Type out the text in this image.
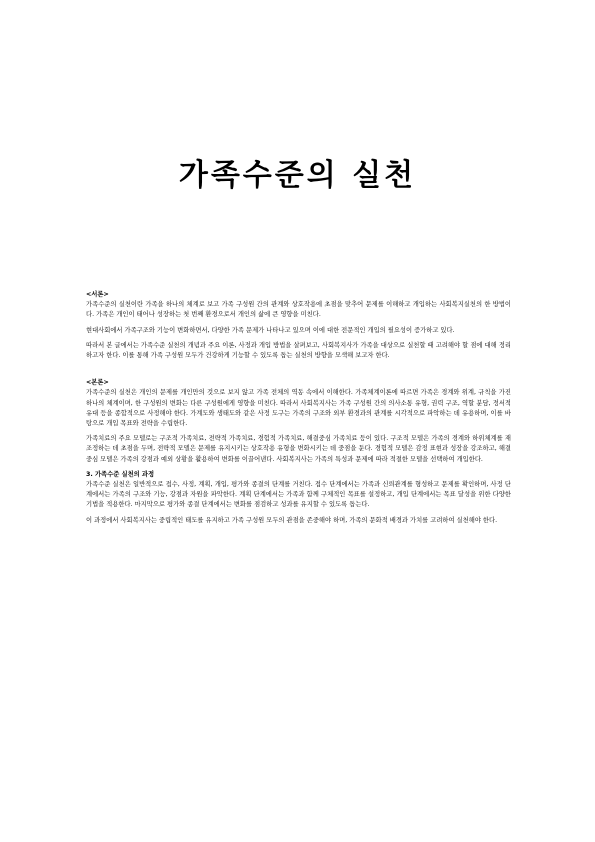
가족수준의 실천

<서론>

가족수준의 실천이란 가족을 하나의 체계로 보고 가족 구성원 간의 관계와 상호작용에 초점을 맞추어 문제를 이해하고 개입하는 사회복지실천의 한 방법이다. 가족은 개인이 태어나 성장하는 첫 번째 환경으로서 개인의 삶에 큰 영향을 미친다.

현대사회에서 가족구조와 기능이 변화하면서, 다양한 가족 문제가 나타나고 있으며 이에 대한 전문적인 개입의 필요성이 증가하고 있다.

따라서 본 글에서는 가족수준 실천의 개념과 주요 이론, 사정과 개입 방법을 살펴보고, 사회복지사가 가족을 대상으로 실천할 때 고려해야 할 점에 대해 정리하고자 한다. 이를 통해 가족 구성원 모두가 건강하게 기능할 수 있도록 돕는 실천의 방향을 모색해 보고자 한다.

<본론>

가족수준의 실천은 개인의 문제를 개인만의 것으로 보지 않고 가족 전체의 역동 속에서 이해한다. 가족체계이론에 따르면 가족은 경계와 위계, 규칙을 가진 하나의 체계이며, 한 구성원의 변화는 다른 구성원에게 영향을 미친다. 따라서 사회복지사는 가족 구성원 간의 의사소통 유형, 권력 구조, 역할 분담, 정서적 유대 등을 종합적으로 사정해야 한다. 가계도와 생태도와 같은 사정 도구는 가족의 구조와 외부 환경과의 관계를 시각적으로 파악하는 데 유용하며, 이를 바탕으로 개입 목표와 전략을 수립한다.

가족치료의 주요 모델로는 구조적 가족치료, 전략적 가족치료, 경험적 가족치료, 해결중심 가족치료 등이 있다. 구조적 모델은 가족의 경계와 하위체계를 재조정하는 데 초점을 두며, 전략적 모델은 문제를 유지시키는 상호작용 유형을 변화시키는 데 중점을 둔다. 경험적 모델은 감정 표현과 성장을 강조하고, 해결중심 모델은 가족의 강점과 예외 상황을 활용하여 변화를 이끌어낸다. 사회복지사는 가족의 특성과 문제에 따라 적절한 모델을 선택하여 개입한다.

3. 가족수준 실천의 과정

가족수준 실천은 일반적으로 접수, 사정, 계획, 개입, 평가와 종결의 단계를 거친다. 접수 단계에서는 가족과 신뢰관계를 형성하고 문제를 확인하며, 사정 단계에서는 가족의 구조와 기능, 강점과 자원을 파악한다. 계획 단계에서는 가족과 함께 구체적인 목표를 설정하고, 개입 단계에서는 목표 달성을 위한 다양한 기법을 적용한다. 마지막으로 평가와 종결 단계에서는 변화를 점검하고 성과를 유지할 수 있도록 돕는다.

이 과정에서 사회복지사는 중립적인 태도를 유지하고 가족 구성원 모두의 관점을 존중해야 하며, 가족의 문화적 배경과 가치를 고려하여 실천해야 한다.
